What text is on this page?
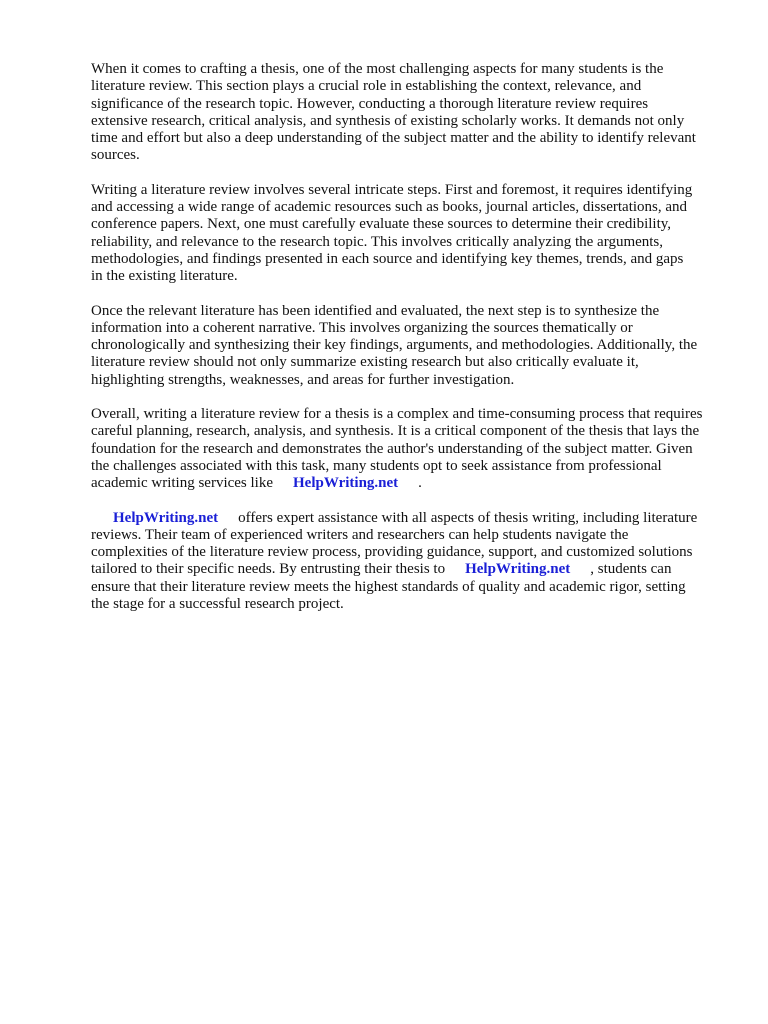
When it comes to crafting a thesis, one of the most challenging aspects for many students is the
literature review. This section plays a crucial role in establishing the context, relevance, and
significance of the research topic. However, conducting a thorough literature review requires
extensive research, critical analysis, and synthesis of existing scholarly works. It demands not only
time and effort but also a deep understanding of the subject matter and the ability to identify relevant
sources.

Writing a literature review involves several intricate steps. First and foremost, it requires identifying
and accessing a wide range of academic resources such as books, journal articles, dissertations, and
conference papers. Next, one must carefully evaluate these sources to determine their credibility,
reliability, and relevance to the research topic. This involves critically analyzing the arguments,
methodologies, and findings presented in each source and identifying key themes, trends, and gaps
in the existing literature.

Once the relevant literature has been identified and evaluated, the next step is to synthesize the
information into a coherent narrative. This involves organizing the sources thematically or
chronologically and synthesizing their key findings, arguments, and methodologies. Additionally, the
literature review should not only summarize existing research but also critically evaluate it,
highlighting strengths, weaknesses, and areas for further investigation.

Overall, writing a literature review for a thesis is a complex and time-consuming process that requires
careful planning, research, analysis, and synthesis. It is a critical component of the thesis that lays the
foundation for the research and demonstrates the author's understanding of the subject matter. Given
the challenges associated with this task, many students opt to seek assistance from professional
academic writing services like HelpWriting.net .

HelpWriting.net offers expert assistance with all aspects of thesis writing, including literature
reviews. Their team of experienced writers and researchers can help students navigate the
complexities of the literature review process, providing guidance, support, and customized solutions
tailored to their specific needs. By entrusting their thesis to HelpWriting.net , students can
ensure that their literature review meets the highest standards of quality and academic rigor, setting
the stage for a successful research project.
